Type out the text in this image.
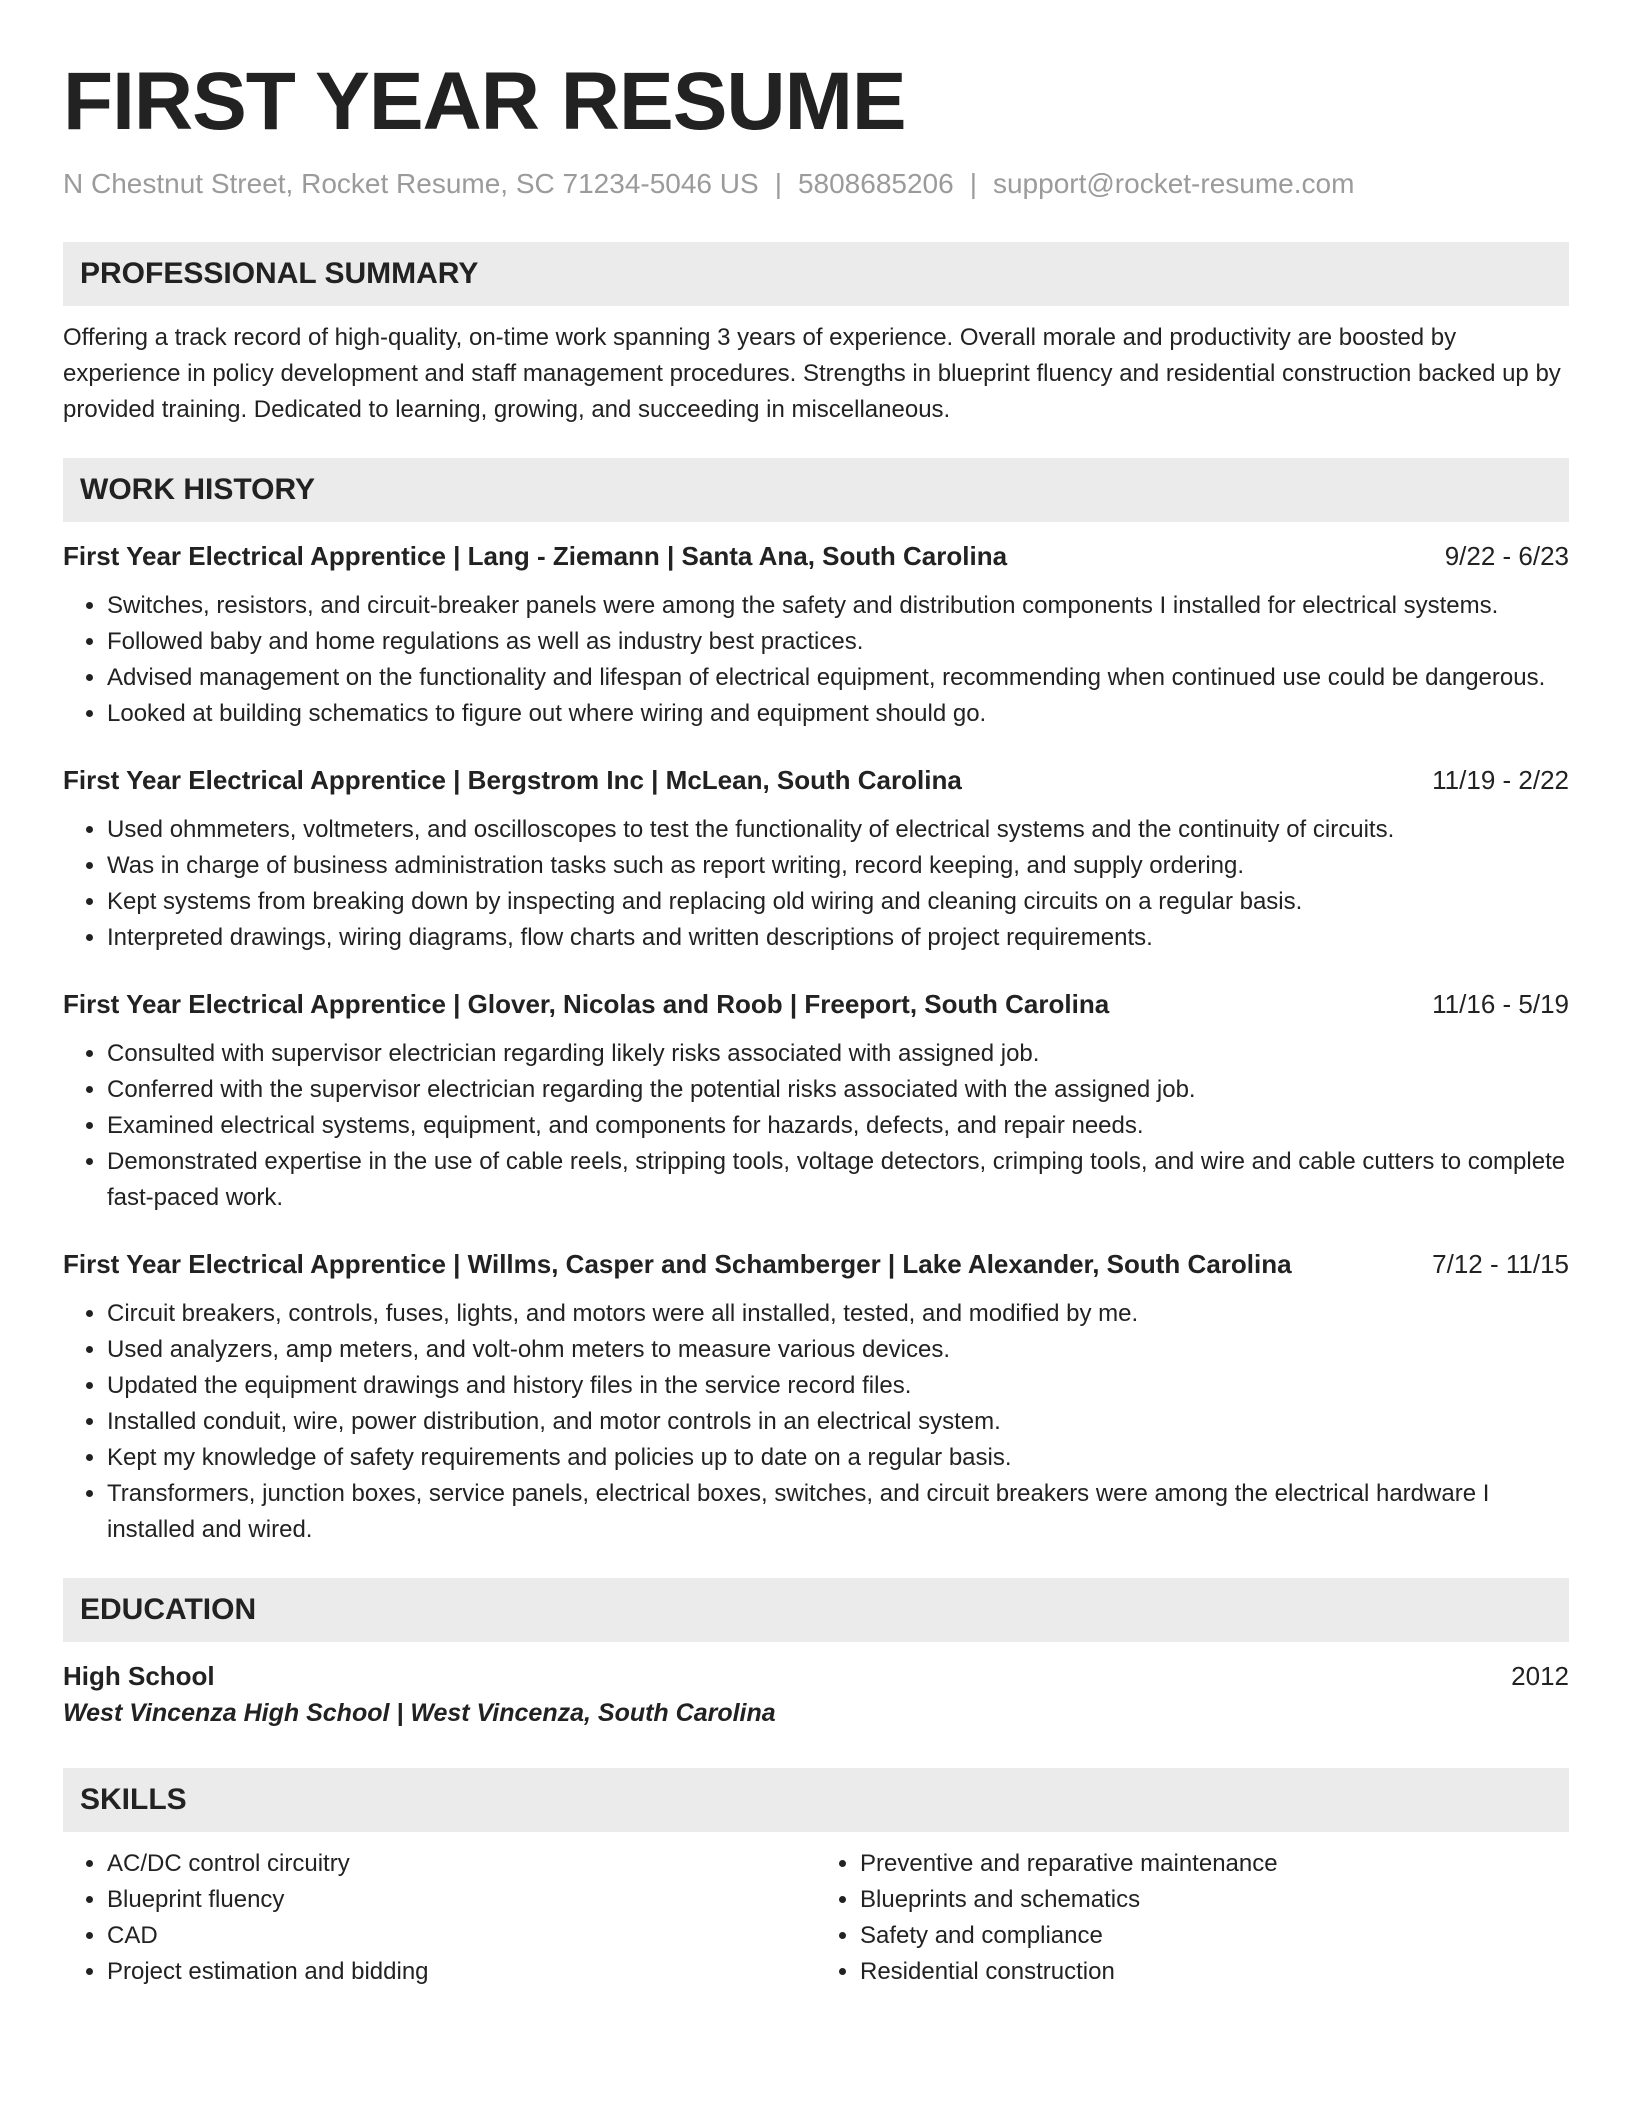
FIRST YEAR RESUME
N Chestnut Street, Rocket Resume, SC 71234-5046 US | 5808685206 | support@rocket-resume.com
PROFESSIONAL SUMMARY

Offering a track record of high-quality, on-time work spanning 3 years of experience. Overall morale and productivity are boosted by experience in policy development and staff management procedures. Strengths in blueprint fluency and residential construction backed up by provided training. Dedicated to learning, growing, and succeeding in miscellaneous.

WORK HISTORY
First Year Electrical Apprentice | Lang - Ziemann | Santa Ana, South Carolina	9/22 - 6/23
• Switches, resistors, and circuit-breaker panels were among the safety and distribution components I installed for electrical systems.
• Followed baby and home regulations as well as industry best practices.
• Advised management on the functionality and lifespan of electrical equipment, recommending when continued use could be dangerous.
• Looked at building schematics to figure out where wiring and equipment should go.
First Year Electrical Apprentice | Bergstrom Inc | McLean, South Carolina	11/19 - 2/22
• Used ohmmeters, voltmeters, and oscilloscopes to test the functionality of electrical systems and the continuity of circuits.
• Was in charge of business administration tasks such as report writing, record keeping, and supply ordering.
• Kept systems from breaking down by inspecting and replacing old wiring and cleaning circuits on a regular basis.
• Interpreted drawings, wiring diagrams, flow charts and written descriptions of project requirements.
First Year Electrical Apprentice | Glover, Nicolas and Roob | Freeport, South Carolina	11/16 - 5/19
• Consulted with supervisor electrician regarding likely risks associated with assigned job.
• Conferred with the supervisor electrician regarding the potential risks associated with the assigned job.
• Examined electrical systems, equipment, and components for hazards, defects, and repair needs.
• Demonstrated expertise in the use of cable reels, stripping tools, voltage detectors, crimping tools, and wire and cable cutters to complete fast-paced work.
First Year Electrical Apprentice | Willms, Casper and Schamberger | Lake Alexander, South Carolina	7/12 - 11/15
• Circuit breakers, controls, fuses, lights, and motors were all installed, tested, and modified by me.
• Used analyzers, amp meters, and volt-ohm meters to measure various devices.
• Updated the equipment drawings and history files in the service record files.
• Installed conduit, wire, power distribution, and motor controls in an electrical system.
• Kept my knowledge of safety requirements and policies up to date on a regular basis.
• Transformers, junction boxes, service panels, electrical boxes, switches, and circuit breakers were among the electrical hardware I installed and wired.
EDUCATION
High School	2012
West Vincenza High School | West Vincenza, South Carolina
SKILLS
• AC/DC control circuitry
• Blueprint fluency
• CAD
• Project estimation and bidding
• Preventive and reparative maintenance
• Blueprints and schematics
• Safety and compliance
• Residential construction
